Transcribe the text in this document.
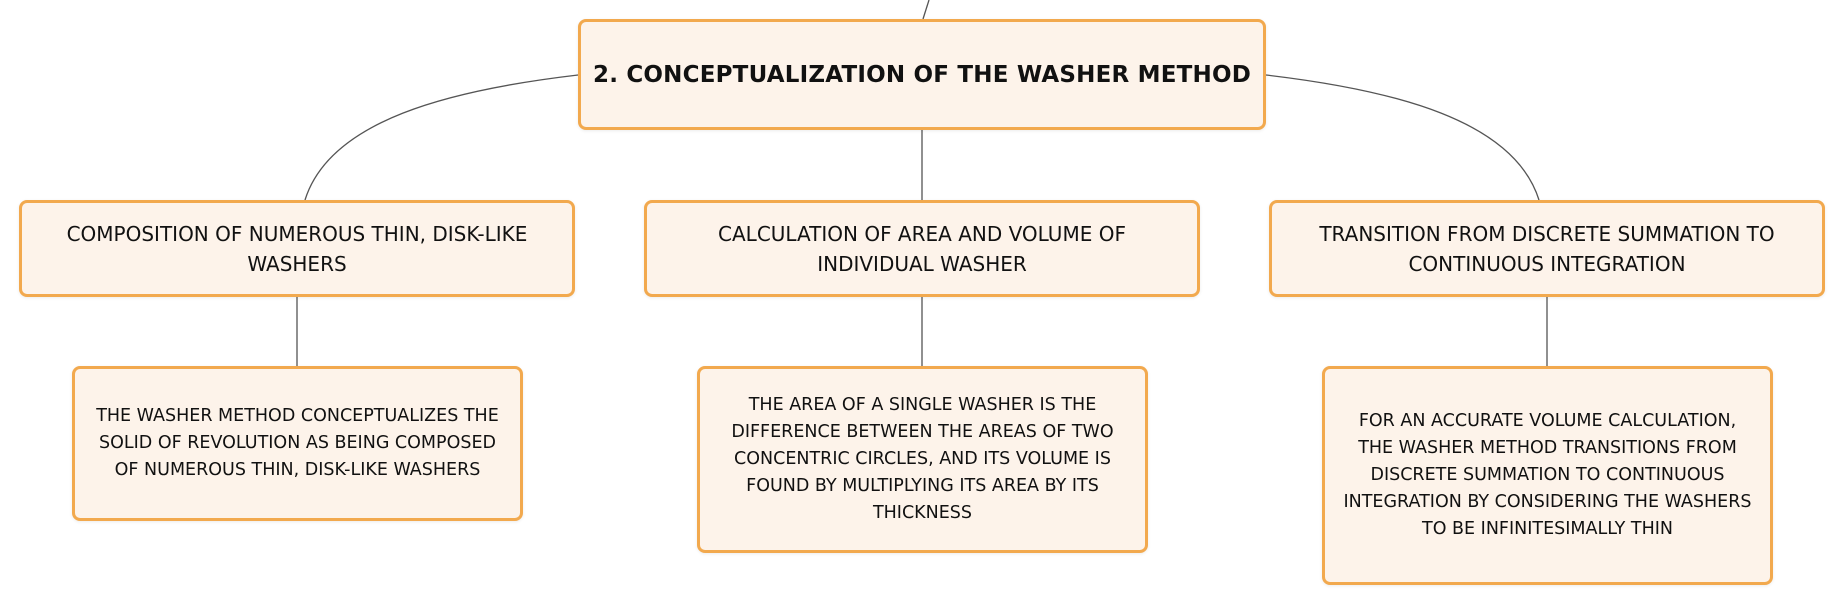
2. CONCEPTUALIZATION OF THE WASHER METHOD
COMPOSITION OF NUMEROUS THIN, DISK-LIKE WASHERS
CALCULATION OF AREA AND VOLUME OF INDIVIDUAL WASHER
TRANSITION FROM DISCRETE SUMMATION TO CONTINUOUS INTEGRATION
THE WASHER METHOD CONCEPTUALIZES THE SOLID OF REVOLUTION AS BEING COMPOSED OF NUMEROUS THIN, DISK-LIKE WASHERS
THE AREA OF A SINGLE WASHER IS THE DIFFERENCE BETWEEN THE AREAS OF TWO CONCENTRIC CIRCLES, AND ITS VOLUME IS FOUND BY MULTIPLYING ITS AREA BY ITS THICKNESS
FOR AN ACCURATE VOLUME CALCULATION, THE WASHER METHOD TRANSITIONS FROM DISCRETE SUMMATION TO CONTINUOUS INTEGRATION BY CONSIDERING THE WASHERS TO BE INFINITESIMALLY THIN
